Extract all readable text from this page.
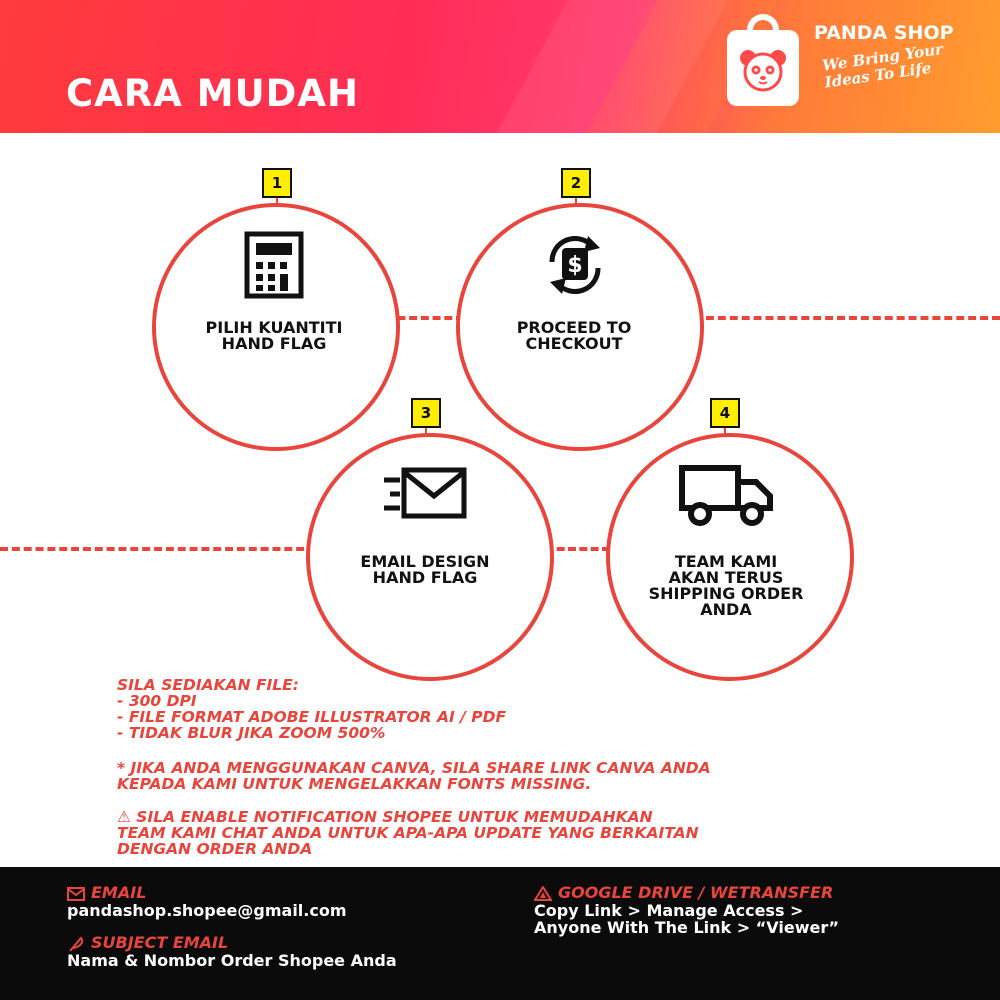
CARA MUDAH

PANDA SHOP
We Bring Your Ideas To Life
1
PILIH KUANTITI
HAND FLAG
2
$
PROCEED TO
CHECKOUT
3
EMAIL DESIGN
HAND FLAG
4
TEAM KAMI
AKAN TERUS
SHIPPING ORDER
ANDA
SILA SEDIAKAN FILE:
- 300 DPI
- FILE FORMAT ADOBE ILLUSTRATOR AI / PDF
- TIDAK BLUR JIKA ZOOM 500%
* JIKA ANDA MENGGUNAKAN CANVA, SILA SHARE LINK CANVA ANDA
KEPADA KAMI UNTUK MENGELAKKAN FONTS MISSING.
⚠ SILA ENABLE NOTIFICATION SHOPEE UNTUK MEMUDAHKAN
TEAM KAMI CHAT ANDA UNTUK APA-APA UPDATE YANG BERKAITAN
DENGAN ORDER ANDA
EMAIL
pandashop.shopee@gmail.com
SUBJECT EMAIL
Nama & Nombor Order Shopee Anda
GOOGLE DRIVE / WETRANSFER
Copy Link > Manage Access >
Anyone With The Link > “Viewer”
